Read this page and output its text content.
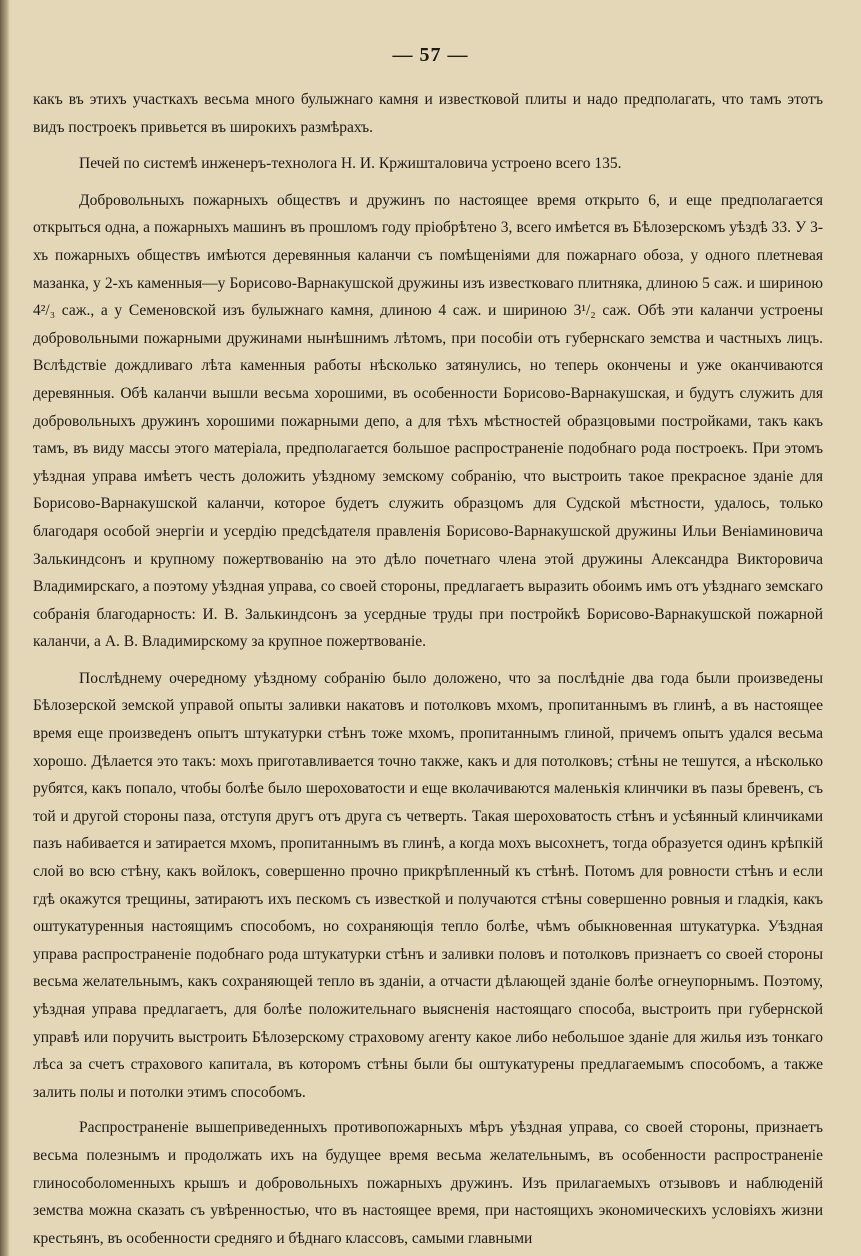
— 57 —

какъ въ этихъ участкахъ весьма много булыжнаго камня и известковой плиты и надо предполагать, что тамъ этотъ видъ построекъ привьется въ широкихъ размѣрахъ.

Печей по системѣ инженеръ-технолога Н. И. Кржишталовича устроено всего 135.

Добровольныхъ пожарныхъ обществъ и дружинъ по настоящее время открыто 6, и еще предполагается открыться одна, а пожарныхъ машинъ въ прошломъ году пріобрѣтено 3, всего имѣется въ Бѣлозерскомъ уѣздѣ 33. У 3-хъ пожарныхъ обществъ имѣются деревянныя каланчи съ помѣщеніями для пожарнаго обоза, у одного плетневая мазанка, у 2-хъ каменныя—у Борисово-Варнакушской дружины изъ известковаго плитняка, длиною 5 саж. и шириною 4²/₃ саж., а у Семеновской изъ булыжнаго камня, длиною 4 саж. и шириною 3¹/₂ саж. Обѣ эти каланчи устроены добровольными пожарными дружинами нынѣшнимъ лѣтомъ, при пособіи отъ губернскаго земства и частныхъ лицъ. Вслѣдствіе дождливаго лѣта каменныя работы нѣсколько затянулись, но теперь окончены и уже оканчиваются деревянныя. Обѣ каланчи вышли весьма хорошими, въ особенности Борисово-Варнакушская, и будутъ служить для добровольныхъ дружинъ хорошими пожарными депо, а для тѣхъ мѣстностей образцовыми постройками, такъ какъ тамъ, въ виду массы этого матеріала, предполагается большое распространеніе подобнаго рода построекъ. При этомъ уѣздная управа имѣетъ честь доложить уѣздному земскому собранію, что выстроить такое прекрасное зданіе для Борисово-Варнакушской каланчи, которое будетъ служить образцомъ для Судской мѣстности, удалось, только благодаря особой энергіи и усердію предсѣдателя правленія Борисово-Варнакушской дружины Ильи Веніаминовича Залькиндсонъ и крупному пожертвованію на это дѣло почетнаго члена этой дружины Александра Викторовича Владимирскаго, а поэтому уѣздная управа, со своей стороны, предлагаетъ выразить обоимъ имъ отъ уѣзднаго земскаго собранія благодарность: И. В. Залькиндсонъ за усердные труды при постройкѣ Борисово-Варнакушской пожарной каланчи, а А. В. Владимирскому за крупное пожертвованіе.

Послѣднему очередному уѣздному собранію было доложено, что за послѣдніе два года были произведены Бѣлозерской земской управой опыты заливки накатовъ и потолковъ мхомъ, пропитаннымъ въ глинѣ, а въ настоящее время еще произведенъ опытъ штукатурки стѣнъ тоже мхомъ, пропитаннымъ глиной, причемъ опытъ удался весьма хорошо. Дѣлается это такъ: мохъ приготавливается точно также, какъ и для потолковъ; стѣны не тешутся, а нѣсколько рубятся, какъ попало, чтобы болѣе было шероховатости и еще вколачиваются маленькія клинчики въ пазы бревенъ, съ той и другой стороны паза, отступя другъ отъ друга съ четверть. Такая шероховатость стѣнъ и усѣянный клинчиками пазъ набивается и затирается мхомъ, пропитаннымъ въ глинѣ, а когда мохъ высохнетъ, тогда образуется одинъ крѣпкій слой во всю стѣну, какъ войлокъ, совершенно прочно прикрѣпленный къ стѣнѣ. Потомъ для ровности стѣнъ и если гдѣ окажутся трещины, затираютъ ихъ пескомъ съ известкой и получаются стѣны совершенно ровныя и гладкія, какъ оштукатуренныя настоящимъ способомъ, но сохраняющія тепло болѣе, чѣмъ обыкновенная штукатурка. Уѣздная управа распространеніе подобнаго рода штукатурки стѣнъ и заливки половъ и потолковъ признаетъ со своей стороны весьма желательнымъ, какъ сохраняющей тепло въ зданіи, а отчасти дѣлающей зданіе болѣе огнеупорнымъ. Поэтому, уѣздная управа предлагаетъ, для болѣе положительнаго выясненія настоящаго способа, выстроить при губернской управѣ или поручить выстроить Бѣлозерскому страховому агенту какое либо небольшое зданіе для жилья изъ тонкаго лѣса за счетъ страхового капитала, въ которомъ стѣны были бы оштукатурены предлагаемымъ способомъ, а также залить полы и потолки этимъ способомъ.

Распространеніе вышеприведенныхъ противопожарныхъ мѣръ уѣздная управа, со своей стороны, признаетъ весьма полезнымъ и продолжать ихъ на будущее время весьма желательнымъ, въ особенности распространеніе глинособоломенныхъ крышъ и добровольныхъ пожарныхъ дружинъ. Изъ прилагаемыхъ отзывовъ и наблюденій земства можна сказать съ увѣренностью, что въ настоящее время, при настоящихъ экономическихъ условіяхъ жизни крестьянъ, въ особенности средняго и бѣднаго классовъ, самыми главными
